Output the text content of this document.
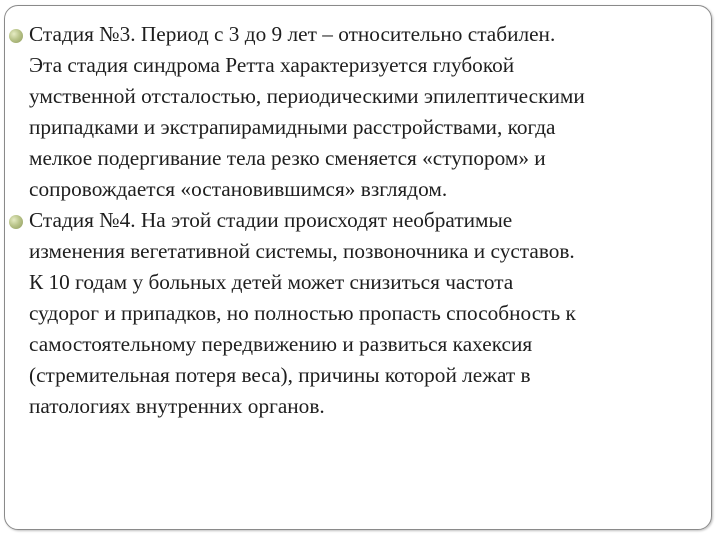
Стадия №3. Период с 3 до 9 лет – относительно стабилен.
Эта стадия синдрома Ретта характеризуется глубокой
умственной отсталостью, периодическими эпилептическими
припадками и экстрапирамидными расстройствами, когда
мелкое подергивание тела резко сменяется «ступором» и
сопровождается «остановившимся» взглядом.
Стадия №4. На этой стадии происходят необратимые
изменения вегетативной системы, позвоночника и суставов.
К 10 годам у больных детей может снизиться частота
судорог и припадков, но полностью пропасть способность к
самостоятельному передвижению и развиться кахексия
(стремительная потеря веса), причины которой лежат в
патологиях внутренних органов.
